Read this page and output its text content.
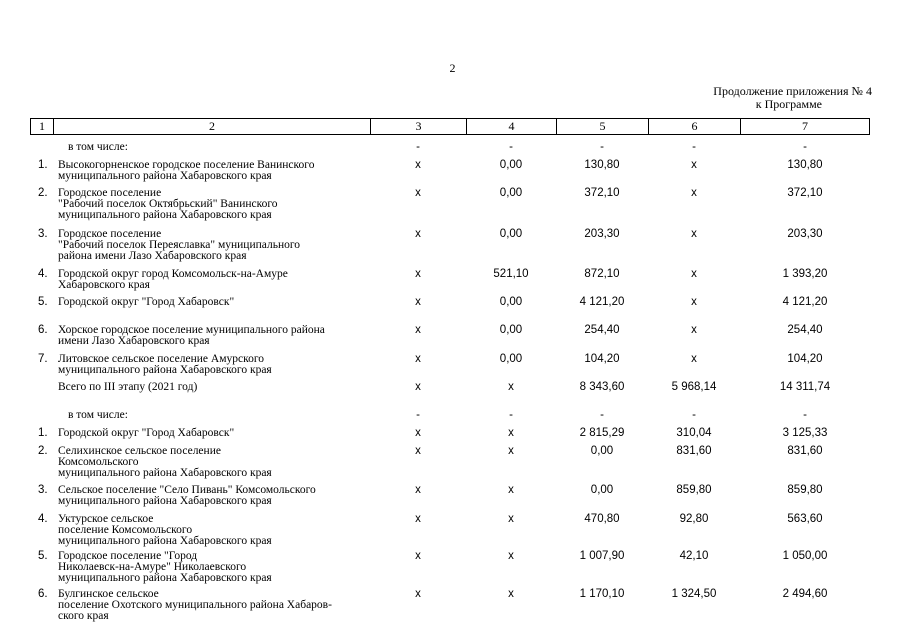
2
Продолжение приложения № 4
к Программе
1	2	3	4	5	6	7
в том числе:	-	-	-	-	-
1. Высокогорненское городское поселение Ванинского
муниципального района Хабаровского края
x	0,00	130,80	x	130,80
2. Городское поселение
"Рабочий поселок Октябрьский" Ванинского
муниципального района Хабаровского края
x	0,00	372,10	x	372,10
3. Городское поселение
"Рабочий поселок Переяславка" муниципального
района имени Лазо Хабаровского края
x	0,00	203,30	x	203,30
4. Городской округ город Комсомольск-на-Амуре
Хабаровского края
x	521,10	872,10	x	1 393,20
5. Городской округ "Город Хабаровск"	x	0,00	4 121,20	x	4 121,20
6. Хорское городское поселение муниципального района
имени Лазо Хабаровского края
x	0,00	254,40	x	254,40
7. Литовское сельское поселение Амурского
муниципального района Хабаровского края
x	0,00	104,20	x	104,20
Всего по III этапу (2021 год)	x	x	8 343,60	5 968,14	14 311,74
в том числе:	-	-	-	-	-
1. Городской округ "Город Хабаровск"	x	x	2 815,29	310,04	3 125,33
2. Селихинское сельское поселение
Комсомольского
муниципального района Хабаровского края
x	x	0,00	831,60	831,60
3. Сельское поселение "Село Пивань" Комсомольского
муниципального района Хабаровского края
x	x	0,00	859,80	859,80
4. Уктурское сельское
поселение Комсомольского
муниципального района Хабаровского края
x	x	470,80	92,80	563,60
5. Городское поселение "Город
Николаевск-на-Амуре" Николаевского
муниципального района Хабаровского края
x	x	1 007,90	42,10	1 050,00
6. Булгинское сельское
поселение Охотского муниципального района Хабаров-
ского края
x	x	1 170,10	1 324,50	2 494,60
